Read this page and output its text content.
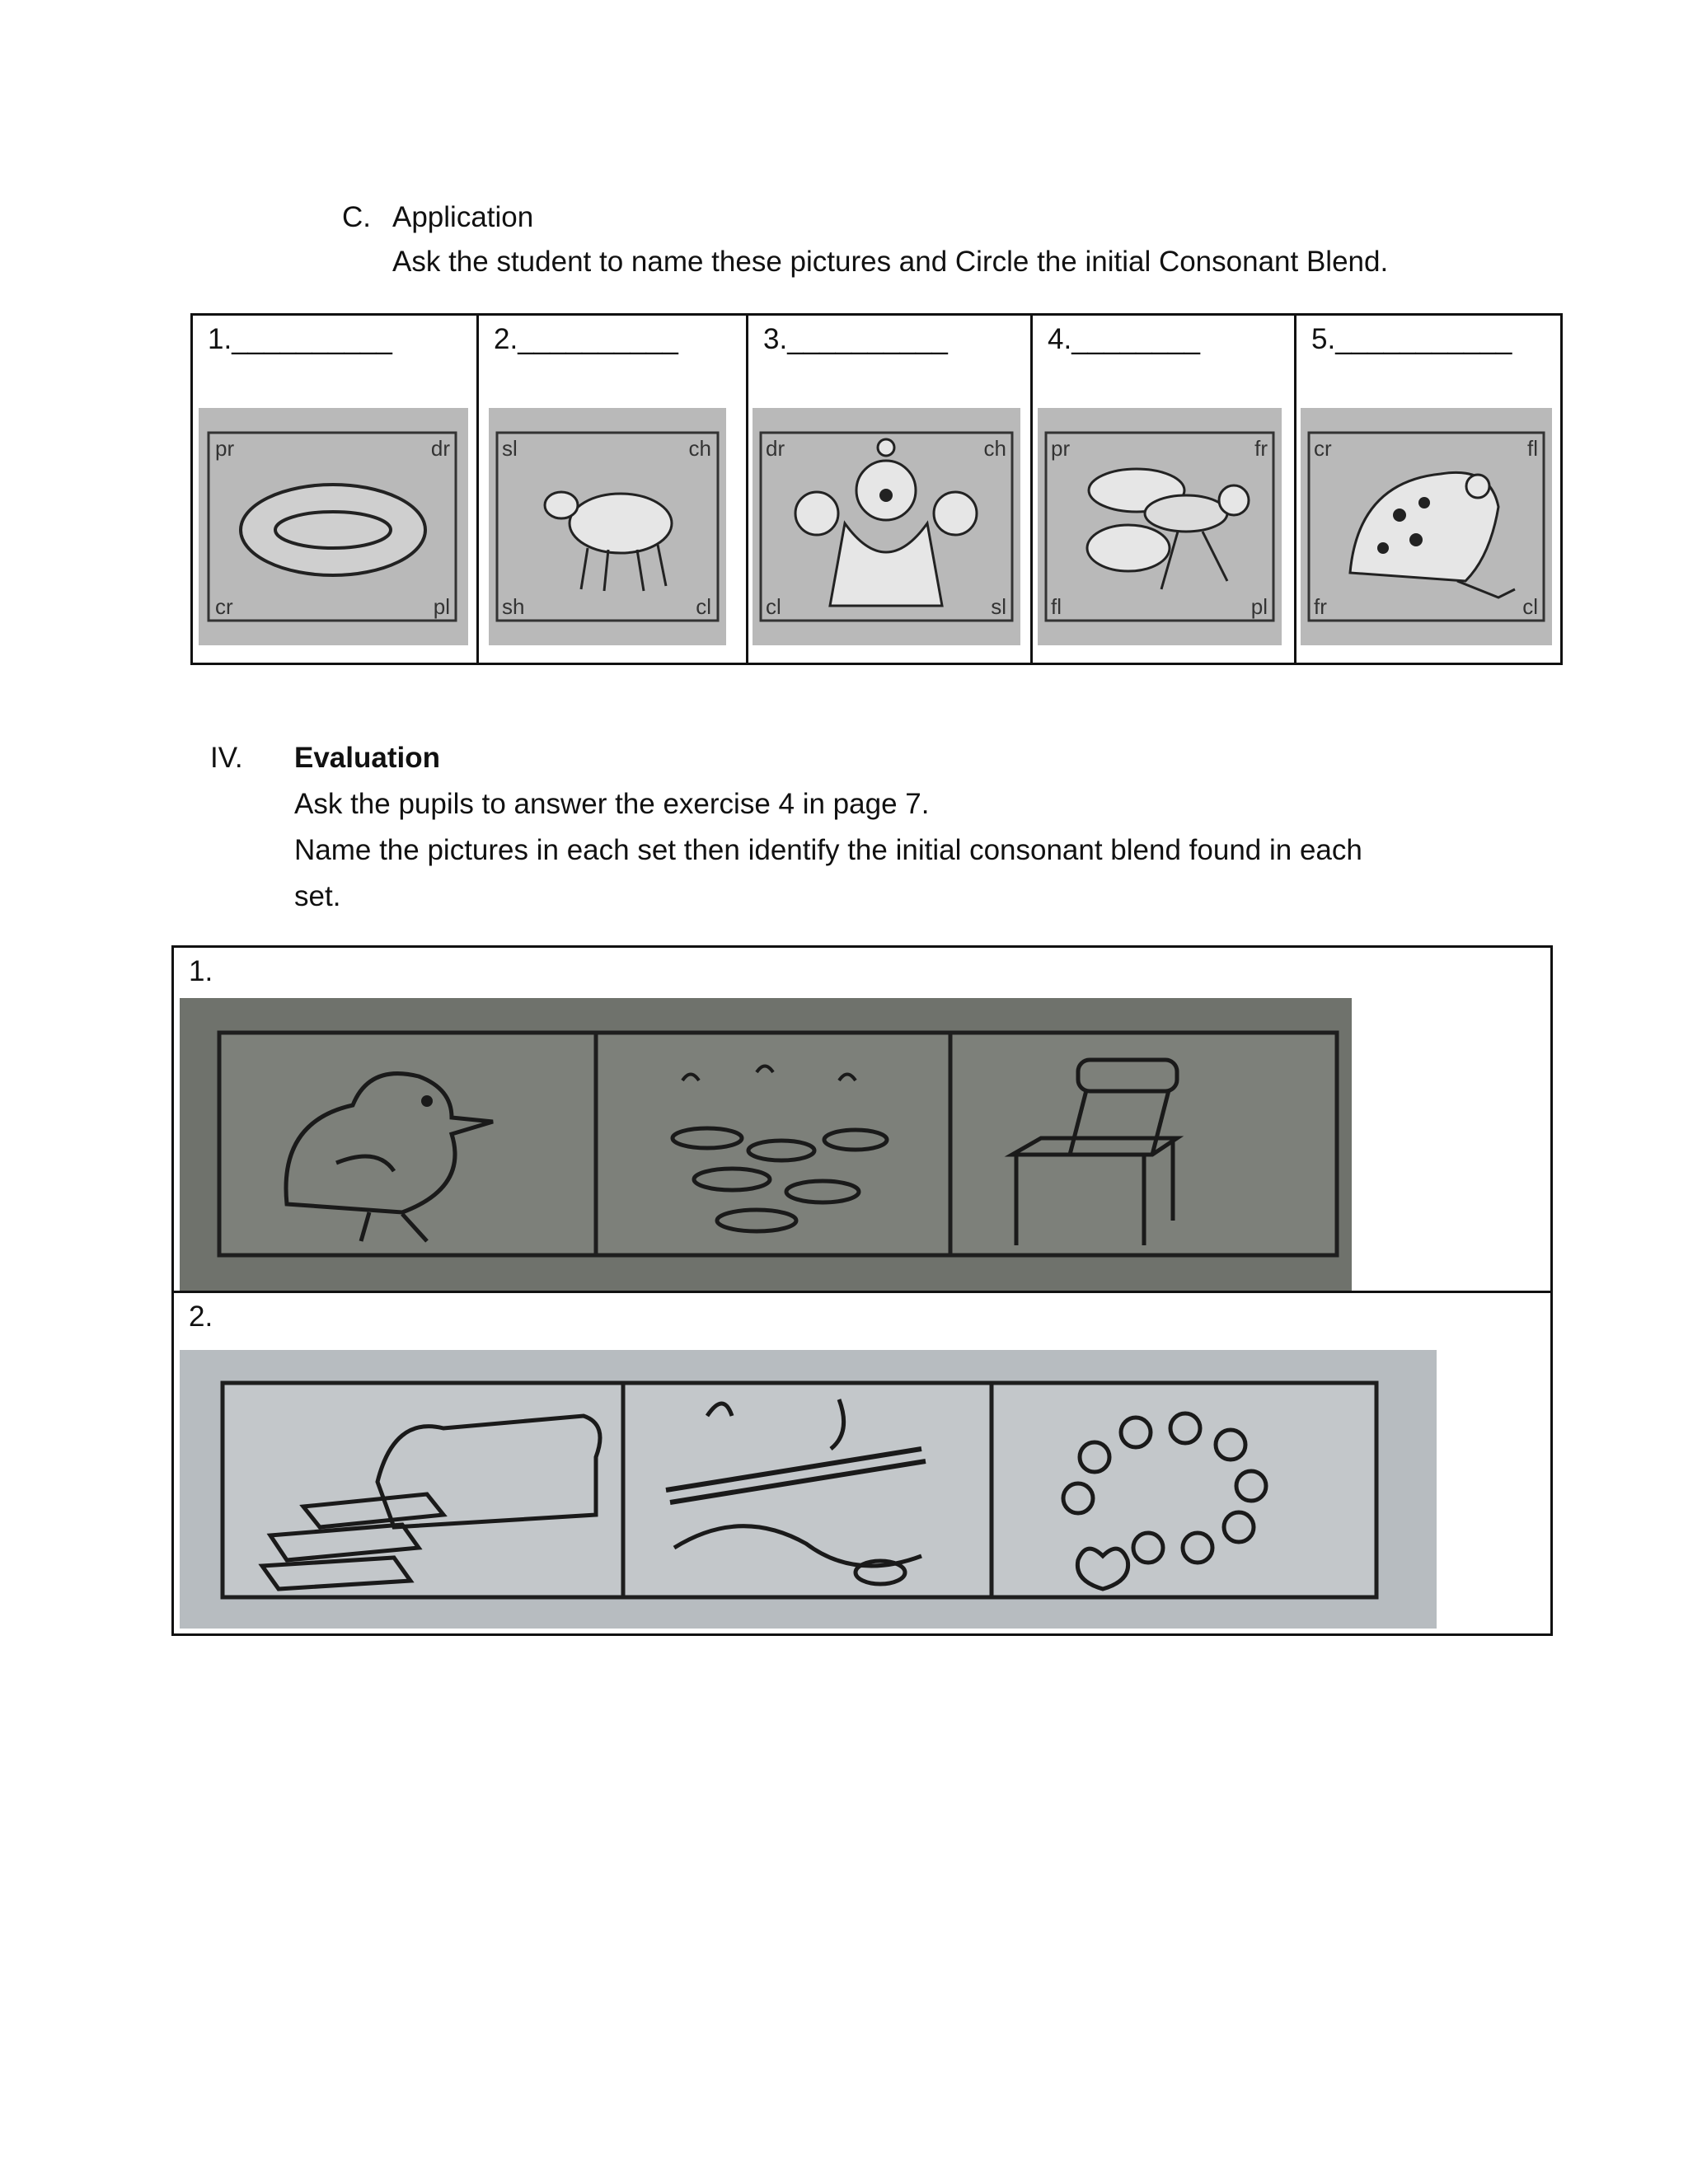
C. Application
Ask the student to name these pictures and Circle the initial Consonant Blend.
1.__________
pr	dr
cr	pl
2.__________
sl	ch
sh	cl
3.__________
dr	ch
cl	sl
4.________
pr	fr
fl	pl
5.___________
cr	fl
fr	cl
IV. Evaluation
Ask the pupils to answer the exercise 4 in page 7.
Name the pictures in each set then identify the initial consonant blend found in each
set.
1.
2.
